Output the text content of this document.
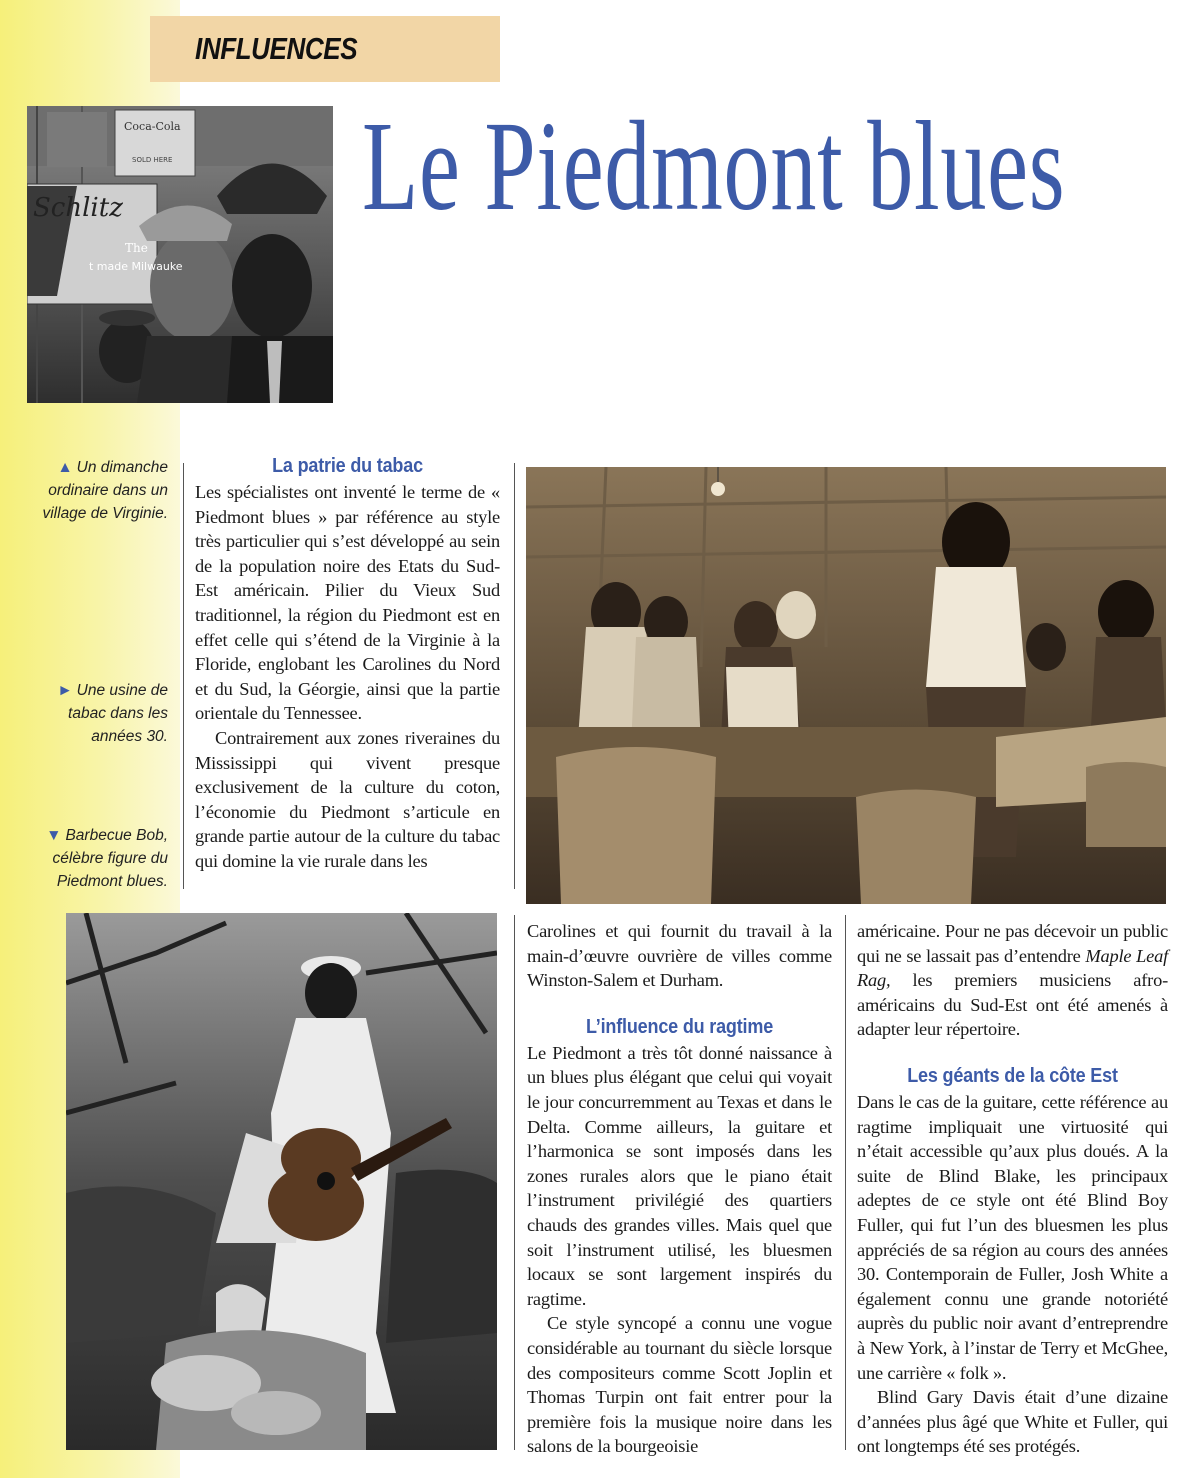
INFLUENCES
Le Piedmont blues
Coca-Cola
SOLD HERE
Schlitz
The
t made Milwauke
▲ Un dimanche ordinaire dans un village de Virginie.
► Une usine de tabac dans les années 30.
▼ Barbecue Bob, célèbre figure du Piedmont blues.
La patrie du tabac

Les spécialistes ont inventé le terme de « Piedmont blues » par référence au style très particulier qui s’est développé au sein de la population noire des Etats du Sud-Est américain. Pilier du Vieux Sud traditionnel, la région du Piedmont est en effet celle qui s’étend de la Virginie à la Floride, englobant les Carolines du Nord et du Sud, la Géorgie, ainsi que la partie orientale du Tennessee.

Contrairement aux zones riveraines du Mississippi qui vivent presque exclusivement de la culture du coton, l’économie du Piedmont s’articule en grande partie autour de la culture du tabac qui domine la vie rurale dans les

Carolines et qui fournit du travail à la main-d’œuvre ouvrière de villes comme Winston-Salem et Durham.

L’influence du ragtime

Le Piedmont a très tôt donné naissance à un blues plus élégant que celui qui voyait le jour concurremment au Texas et dans le Delta. Comme ailleurs, la guitare et l’harmonica se sont imposés dans les zones rurales alors que le piano était l’instrument privilégié des quartiers chauds des grandes villes. Mais quel que soit l’instrument utilisé, les bluesmen locaux se sont largement inspirés du ragtime.

Ce style syncopé a connu une vogue considérable au tournant du siècle lorsque des compositeurs comme Scott Joplin et Thomas Turpin ont fait entrer pour la première fois la musique noire dans les salons de la bourgeoisie

américaine. Pour ne pas décevoir un public qui ne se lassait pas d’entendre Maple Leaf Rag, les premiers musiciens afro-américains du Sud-Est ont été amenés à adapter leur répertoire.

Les géants de la côte Est

Dans le cas de la guitare, cette référence au ragtime impliquait une virtuosité qui n’était accessible qu’aux plus doués. A la suite de Blind Blake, les principaux adeptes de ce style ont été Blind Boy Fuller, qui fut l’un des bluesmen les plus appréciés de sa région au cours des années 30. Contemporain de Fuller, Josh White a également connu une grande notoriété auprès du public noir avant d’entreprendre à New York, à l’instar de Terry et McGhee, une carrière « folk ».

Blind Gary Davis était d’une dizaine d’années plus âgé que White et Fuller, qui ont longtemps été ses protégés.
